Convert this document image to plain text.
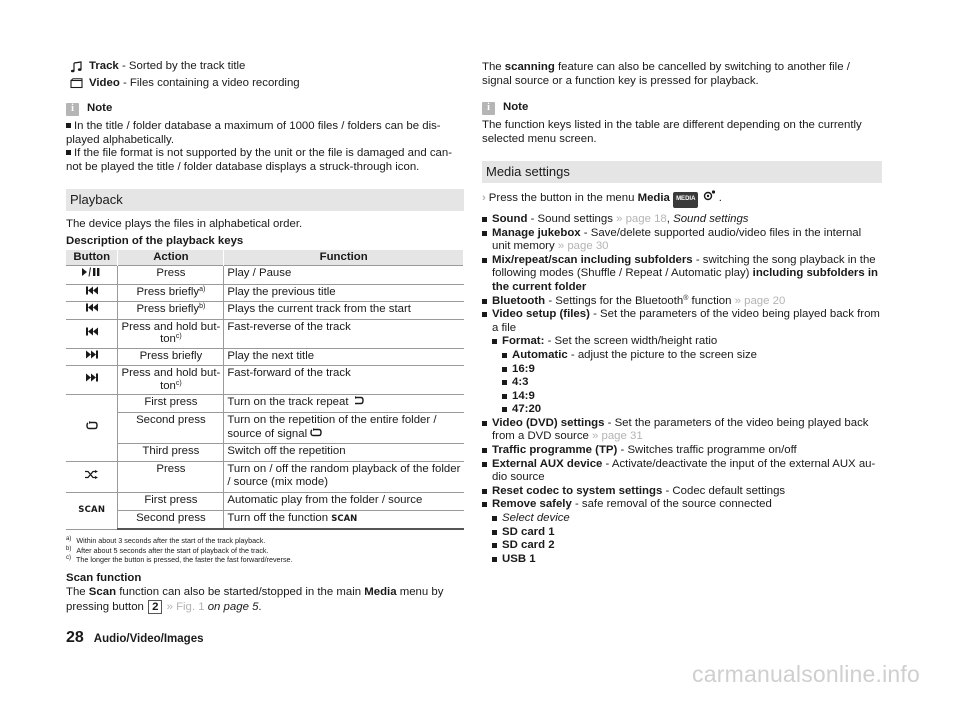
Track - Sorted by the track title
Video - Files containing a video recording
i	Note
In the title / folder database a maximum of 1000 files / folders can be dis-played alphabetically.
If the file format is not supported by the unit or the file is damaged and can-not be played the title / folder database displays a struck-through icon.
Playback
The device plays the files in alphabetical order.
Description of the playback keys
Button	Action	Function
	Press	Play / Pause
	Press briefly$^{a)}$	Play the previous title
	Press briefly$^{b)}$	Plays the current track from the start
	Press and hold but-ton$^{c)}$	Fast-reverse of the track
	Press briefly	Play the next title
	Press and hold but-ton$^{c)}$	Fast-forward of the track
	First press	Turn on the track repeat
	Second press	Turn on the repetition of the entire folder / source of signal
	Third press	Switch off the repetition
	Press	Turn on / off the random playback of the folder / source (mix mode)
SCAN	First press	Automatic play from the folder / source
	Second press	Turn off the function SCAN
$^{a)}$ Within about 3 seconds after the start of the track playback.
$^{b)}$ After about 5 seconds after the start of playback of the track.
$^{c)}$ The longer the button is pressed, the faster the fast forward/reverse.
Scan function
The Scan function can also be started/stopped in the main Media menu by pressing button 2 » Fig. 1 on page 5.
The scanning feature can also be cancelled by switching to another file / signal source or a function key is pressed for playback.
i	Note
The function keys listed in the table are different depending on the currently selected menu screen.
Media settings
› Press the button in the menu Media MEDIA  .
Sound - Sound settings » page 18, Sound settings
Manage jukebox - Save/delete supported audio/video files in the internal unit memory » page 30
Mix/repeat/scan including subfolders - switching the song playback in the following modes (Shuffle / Repeat / Automatic play) including subfolders in the current folder
Bluetooth - Settings for the Bluetooth® function » page 20
Video setup (files) - Set the parameters of the video being played back from a file
Format: - Set the screen width/height ratio
Automatic - adjust the picture to the screen size
16:9
4:3
14:9
47:20
Video (DVD) settings - Set the parameters of the video being played back from a DVD source » page 31
Traffic programme (TP) - Switches traffic programme on/off
External AUX device - Activate/deactivate the input of the external AUX au-dio source
Reset codec to system settings - Codec default settings
Remove safely - safe removal of the source connected
Select device
SD card 1
SD card 2
USB 1
28 Audio/Video/Images
carmanualsonline.info
